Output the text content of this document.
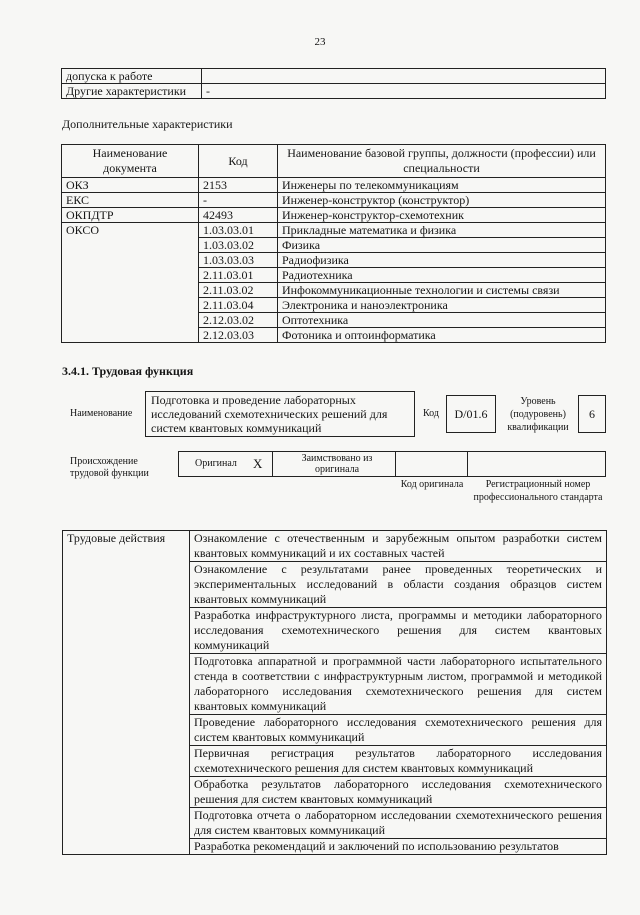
23
допуска к работе	
Другие характеристики	-
Дополнительные характеристики
Наименование документа	Код	Наименование базовой группы, должности (профессии) или специальности
ОКЗ	2153	Инженеры по телекоммуникациям
ЕКС	-	Инженер-конструктор (конструктор)
ОКПДТР	42493	Инженер-конструктор-схемотехник
ОКСО	1.03.03.01	Прикладные математика и физика
	1.03.03.02	Физика
	1.03.03.03	Радиофизика
	2.11.03.01	Радиотехника
	2.11.03.02	Инфокоммуникационные технологии и системы связи
	2.11.03.04	Электроника и наноэлектроника
	2.12.03.02	Оптотехника
	2.12.03.03	Фотоника и оптоинформатика
3.4.1. Трудовая функция
Наименование
Подготовка и проведение лабораторных исследований схемотехнических решений для систем квантовых коммуникаций
Код	D/01.6
Уровень (подуровень) квалификации
6
Происхождение трудовой функции
Оригинал X	Заимствовано из оригинала
Код оригинала	Регистрационный номер профессионального стандарта
Трудовые действия	Ознакомление с отечественным и зарубежным опытом разработки систем квантовых коммуникаций и их составных частей
Ознакомление с результатами ранее проведенных теоретических и экспериментальных исследований в области создания образцов систем квантовых коммуникаций
Разработка инфраструктурного листа, программы и методики лабораторного исследования схемотехнического решения для систем квантовых коммуникаций
Подготовка аппаратной и программной части лабораторного испытательного стенда в соответствии с инфраструктурным листом, программой и методикой лабораторного исследования схемотехнического решения для систем квантовых коммуникаций
Проведение лабораторного исследования схемотехнического решения для систем квантовых коммуникаций
Первичная регистрация результатов лабораторного исследования схемотехнического решения для систем квантовых коммуникаций
Обработка результатов лабораторного исследования схемотехнического решения для систем квантовых коммуникаций
Подготовка отчета о лабораторном исследовании схемотехнического решения для систем квантовых коммуникаций
Разработка рекомендаций и заключений по использованию результатов
